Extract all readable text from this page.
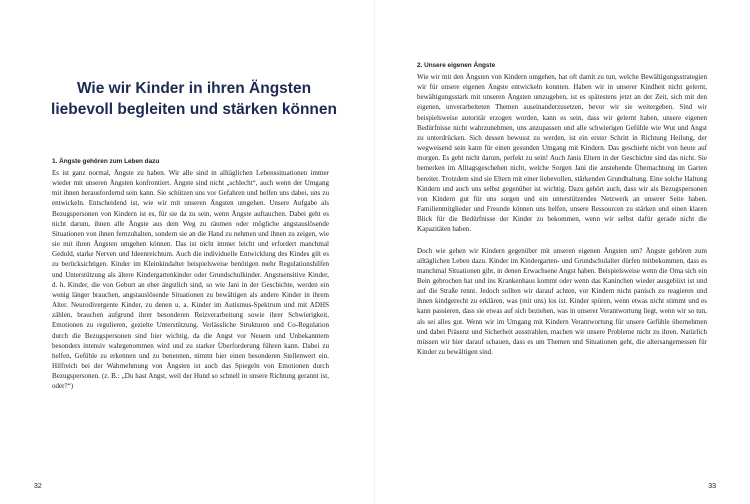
Wie wir Kinder in ihren Ängsten
liebevoll begleiten und stärken können
1. Ängste gehören zum Leben dazu

Es ist ganz normal, Ängste zu haben. Wir alle sind in alltäglichen Lebenssituationen immer wieder mit unseren Ängsten konfrontiert. Ängste sind nicht „schlecht“, auch wenn der Umgang mit ihnen herausfordernd sein kann. Sie schützen uns vor Gefahren und helfen uns dabei, uns zu entwickeln. Entscheidend ist, wie wir mit unseren Ängsten umgehen. Unsere Aufgabe als Bezugspersonen von Kindern ist es, für sie da zu sein, wenn Ängste auftauchen. Dabei geht es nicht darum, ihnen alle Ängste aus dem Weg zu räumen oder mögliche angstauslösende Situationen von ihnen fernzuhalten, sondern sie an die Hand zu nehmen und ihnen zu zeigen, wie sie mit ihren Ängsten umgehen können. Das ist nicht immer leicht und erfordert manchmal Geduld, starke Nerven und Ideenreichtum. Auch die individuelle Entwicklung des Kindes gilt es zu berücksichtigen. Kinder im Kleinkindalter beispielsweise benötigen mehr Regulationshilfen und Unterstützung als ältere Kindergartenkinder oder Grundschulkinder. Angstsensitive Kinder, d. h. Kinder, die von Geburt an eher ängstlich sind, so wie Jani in der Geschichte, werden ein wenig länger brauchen, angstauslösende Situationen zu bewältigen als andere Kinder in ihrem Alter. Neurodivergente Kinder, zu denen u. a. Kinder im Autismus-Spektrum und mit ADHS zählen, brauchen aufgrund ihrer besonderen Reizverarbeitung sowie ihrer Schwierigkeit, Emotionen zu regulieren, gezielte Unterstützung. Verlässliche Strukturen und Co-Regulation durch die Bezugspersonen sind hier wichtig, da die Angst vor Neuem und Unbekanntem besonders intensiv wahrgenommen wird und zu starker Überforderung führen kann. Dabei zu helfen, Gefühle zu erkennen und zu benennen, nimmt hier einen besonderen Stellenwert ein. Hilfreich bei der Wahrnehmung von Ängsten ist auch das Spiegeln von Emotionen durch Bezugspersonen. (z. B.: „Du hast Angst, weil der Hund so schnell in unsere Richtung gerannt ist, oder?“)

32
2. Unsere eigenen Ängste

Wie wir mit den Ängsten von Kindern umgehen, hat oft damit zu tun, welche Bewältigungsstrategien wir für unsere eigenen Ängste entwickeln konnten. Haben wir in unserer Kindheit nicht gelernt, bewältigungsstark mit unseren Ängsten umzugehen, ist es spätestens jetzt an der Zeit, sich mit den eigenen, unverarbeiteten Themen auseinanderzusetzen, bevor wir sie weitergeben. Sind wir beispielsweise autoritär erzogen worden, kann es sein, dass wir gelernt haben, unsere eigenen Bedürfnisse nicht wahrzunehmen, uns anzupassen und alle schwierigen Gefühle wie Wut und Angst zu unterdrücken. Sich dessen bewusst zu werden, ist ein erster Schritt in Richtung Heilung, der wegweisend sein kann für einen gesunden Umgang mit Kindern. Das geschieht nicht von heute auf morgen. Es geht nicht darum, perfekt zu sein! Auch Janis Eltern in der Geschichte sind das nicht. Sie bemerken im Alltagsgeschehen nicht, welche Sorgen Jani die anstehende Übernachtung im Garten bereitet. Trotzdem sind sie Eltern mit einer liebevollen, stärkenden Grundhaltung. Eine solche Haltung Kindern und auch uns selbst gegenüber ist wichtig. Dazu gehört auch, dass wir als Bezugspersonen von Kindern gut für uns sorgen und ein unterstützendes Netzwerk an unserer Seite haben. Familienmitglieder und Freunde können uns helfen, unsere Ressourcen zu stärken und einen klaren Blick für die Bedürfnisse der Kinder zu bekommen, wenn wir selbst dafür gerade nicht die Kapazitäten haben.

Doch wie gehen wir Kindern gegenüber mit unseren eigenen Ängsten um? Ängste gehören zum alltäglichen Leben dazu. Kinder im Kindergarten- und Grundschulalter dürfen mitbekommen, dass es manchmal Situationen gibt, in denen Erwachsene Angst haben. Beispielsweise wenn die Oma sich ein Bein gebrochen hat und ins Krankenhaus kommt oder wenn das Kaninchen wieder ausgebüxt ist und auf die Straße rennt. Jedoch sollten wir darauf achten, vor Kindern nicht panisch zu reagieren und ihnen kindgerecht zu erklären, was (mit uns) los ist. Kinder spüren, wenn etwas nicht stimmt und es kann passieren, dass sie etwas auf sich beziehen, was in unserer Verantwortung liegt, wenn wir so tun, als sei alles gut. Wenn wir im Umgang mit Kindern Verantwortung für unsere Gefühle übernehmen und dabei Präsenz und Sicherheit ausstrahlen, machen wir unsere Probleme nicht zu ihren. Natürlich müssen wir hier darauf schauen, dass es um Themen und Situationen geht, die altersangemessen für Kinder zu bewältigen sind.

33
